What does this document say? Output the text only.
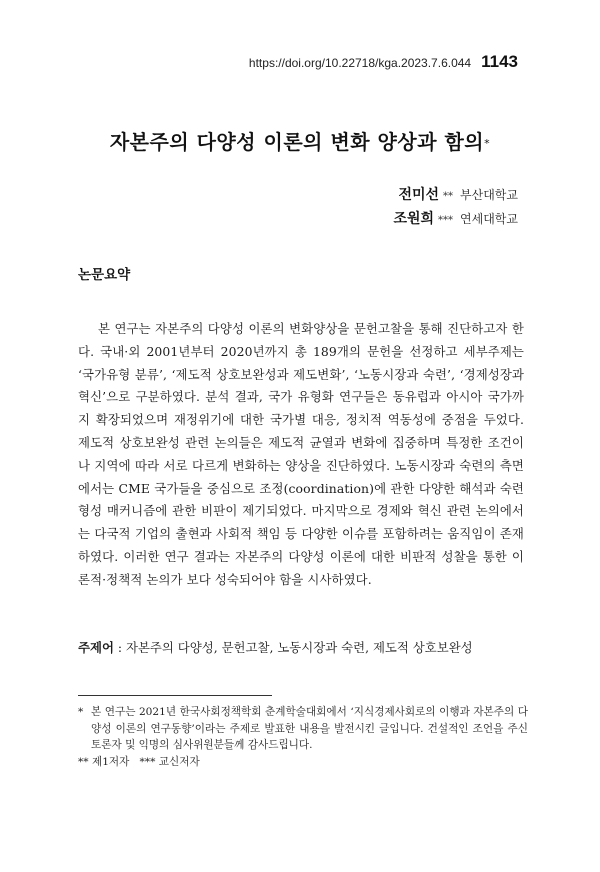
https://doi.org/10.22718/kga.2023.7.6.044 1143
자본주의 다양성 이론의 변화 양상과 함의*
전미선 ** 부산대학교
조원희 *** 연세대학교
논문요약

본 연구는 자본주의 다양성 이론의 변화양상을 문헌고찰을 통해 진단하고자 한다. 국내·외 2001년부터 2020년까지 총 189개의 문헌을 선정하고 세부주제는 ‘국가유형 분류’, ‘제도적 상호보완성과 제도변화’, ‘노동시장과 숙련’, ‘경제성장과 혁신’으로 구분하였다. 분석 결과, 국가 유형화 연구들은 동유럽과 아시아 국가까지 확장되었으며 재정위기에 대한 국가별 대응, 정치적 역동성에 중점을 두었다. 제도적 상호보완성 관련 논의들은 제도적 균열과 변화에 집중하며 특정한 조건이나 지역에 따라 서로 다르게 변화하는 양상을 진단하였다. 노동시장과 숙련의 측면에서는 CME 국가들을 중심으로 조정(coordination)에 관한 다양한 해석과 숙련형성 매커니즘에 관한 비판이 제기되었다. 마지막으로 경제와 혁신 관련 논의에서는 다국적 기업의 출현과 사회적 책임 등 다양한 이슈를 포함하려는 움직임이 존재하였다. 이러한 연구 결과는 자본주의 다양성 이론에 대한 비판적 성찰을 통한 이론적·정책적 논의가 보다 성숙되어야 함을 시사하였다.

주제어 : 자본주의 다양성, 문헌고찰, 노동시장과 숙련, 제도적 상호보완성
* 본 연구는 2021년 한국사회정책학회 춘계학술대회에서 ‘지식경제사회로의 이행과 자본주의 다양성 이론의 연구동향’이라는 주제로 발표한 내용을 발전시킨 글입니다. 건설적인 조언을 주신 토론자 및 익명의 심사위원분들께 감사드립니다.
** 제1저자   *** 교신저자
